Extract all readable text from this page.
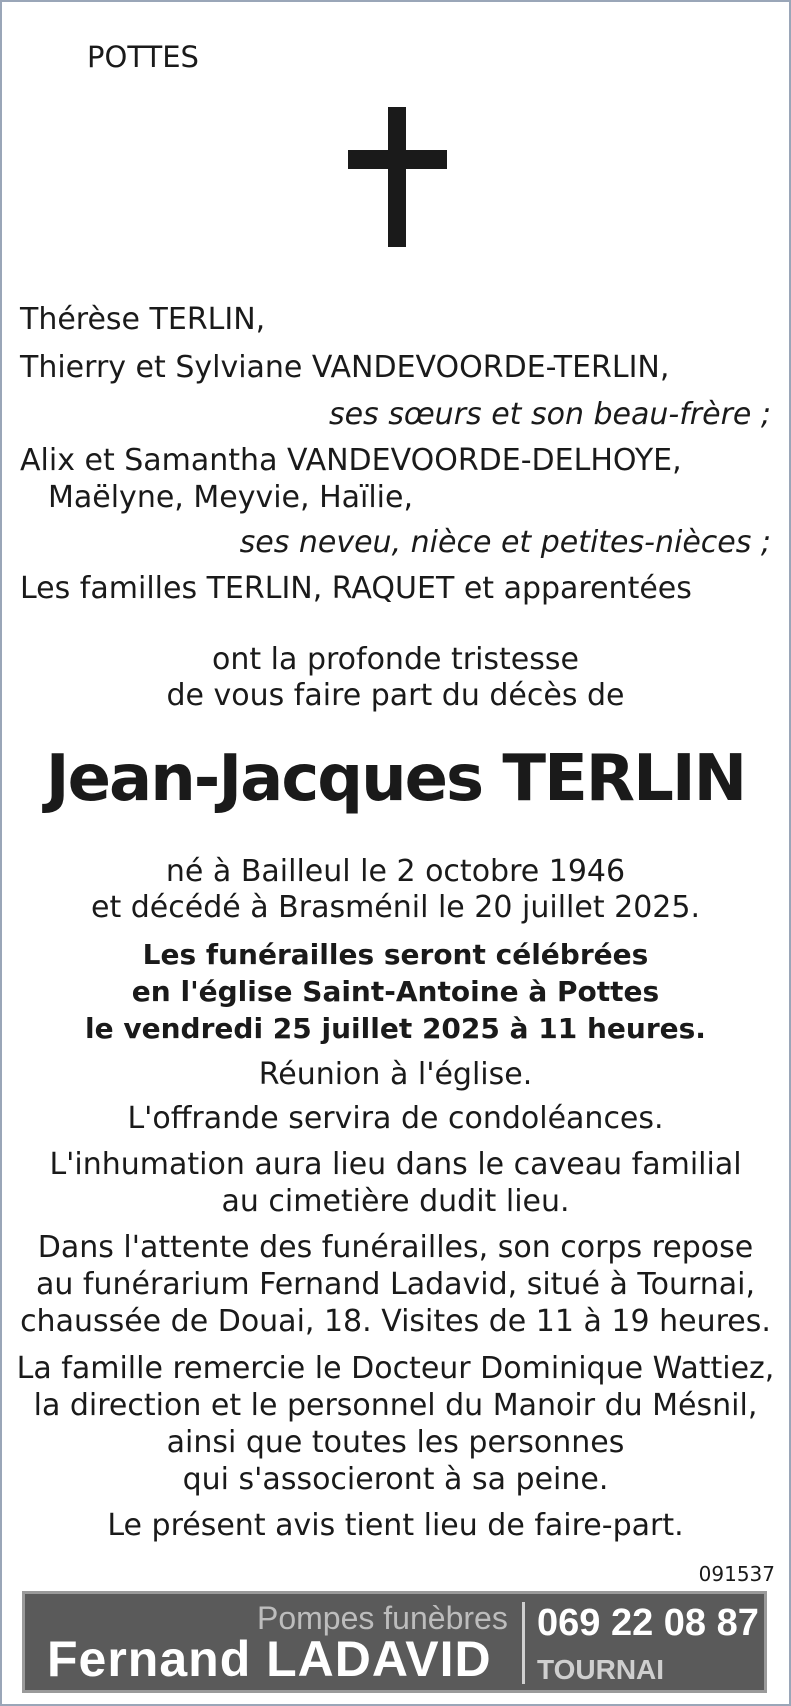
POTTES
Thérèse TERLIN,
Thierry et Sylviane VANDEVOORDE-TERLIN,
ses sœurs et son beau-frère ;
Alix et Samantha VANDEVOORDE-DELHOYE,
Maëlyne, Meyvie, Haïlie,
ses neveu, nièce et petites-nièces ;
Les familles TERLIN, RAQUET et apparentées
ont la profonde tristesse
de vous faire part du décès de
Jean-Jacques TERLIN
né à Bailleul le 2 octobre 1946
et décédé à Brasménil le 20 juillet 2025.
Les funérailles seront célébrées
en l'église Saint-Antoine à Pottes
le vendredi 25 juillet 2025 à 11 heures.
Réunion à l'église.
L'offrande servira de condoléances.
L'inhumation aura lieu dans le caveau familial
au cimetière dudit lieu.
Dans l'attente des funérailles, son corps repose
au funérarium Fernand Ladavid, situé à Tournai,
chaussée de Douai, 18. Visites de 11 à 19 heures.
La famille remercie le Docteur Dominique Wattiez,
la direction et le personnel du Manoir du Mésnil,
ainsi que toutes les personnes
qui s'associeront à sa peine.
Le présent avis tient lieu de faire-part.
091537
Pompes funèbres
Fernand LADAVID
069 22 08 87
TOURNAI
